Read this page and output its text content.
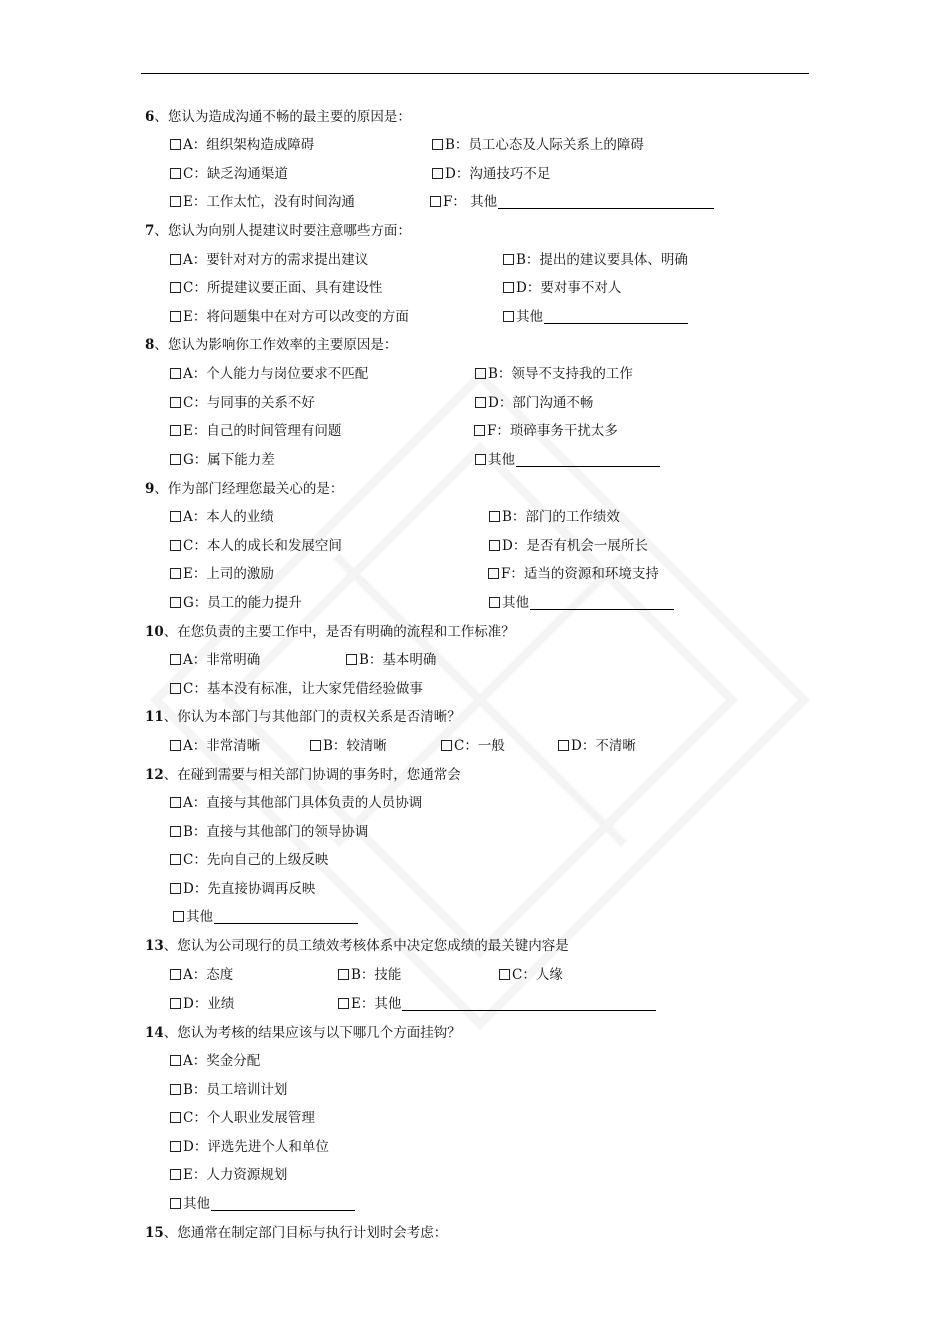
6、您认为造成沟通不畅的最主要的原因是：
A：组织架构造成障碍	B：员工心态及人际关系上的障碍
C：缺乏沟通渠道	D：沟通技巧不足
E：工作太忙，没有时间沟通	F： 其他
7、您认为向别人提建议时要注意哪些方面：
A：要针对对方的需求提出建议	B：提出的建议要具体、明确
C：所提建议要正面、具有建设性	D：要对事不对人
E：将问题集中在对方可以改变的方面	其他
8、您认为影响你工作效率的主要原因是：
A：个人能力与岗位要求不匹配	B：领导不支持我的工作
C：与同事的关系不好	D：部门沟通不畅
E：自己的时间管理有问题	F：琐碎事务干扰太多
G：属下能力差	其他
9、作为部门经理您最关心的是：
A：本人的业绩	B：部门的工作绩效
C：本人的成长和发展空间	D：是否有机会一展所长
E：上司的激励	F：适当的资源和环境支持
G：员工的能力提升	其他
10、在您负责的主要工作中，是否有明确的流程和工作标准？
A：非常明确	B：基本明确
C：基本没有标准，让大家凭借经验做事
11、你认为本部门与其他部门的责权关系是否清晰？
A：非常清晰	B：较清晰	C：一般	D：不清晰
12、在碰到需要与相关部门协调的事务时，您通常会
A：直接与其他部门具体负责的人员协调
B：直接与其他部门的领导协调
C：先向自己的上级反映
D：先直接协调再反映
其他
13、您认为公司现行的员工绩效考核体系中决定您成绩的最关键内容是
A：态度	B：技能	C：人缘
D：业绩	E：其他
14、您认为考核的结果应该与以下哪几个方面挂钩？
A：奖金分配
B：员工培训计划
C：个人职业发展管理
D：评选先进个人和单位
E：人力资源规划
其他
15、您通常在制定部门目标与执行计划时会考虑：
